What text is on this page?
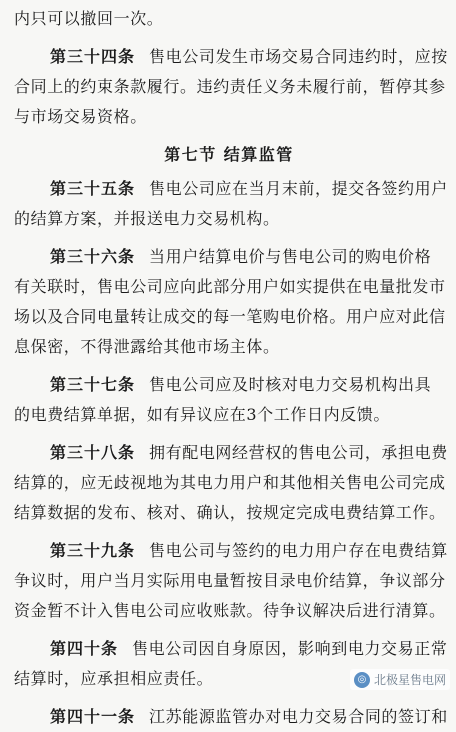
内只可以撤回一次。
第三十四条 售电公司发生市场交易合同违约时，应按
合同上的约束条款履行。违约责任义务未履行前，暂停其参
与市场交易资格。
第七节 结算监管
第三十五条 售电公司应在当月末前，提交各签约用户
的结算方案，并报送电力交易机构。
第三十六条 当用户结算电价与售电公司的购电价格
有关联时，售电公司应向此部分用户如实提供在电量批发市
场以及合同电量转让成交的每一笔购电价格。用户应对此信
息保密，不得泄露给其他市场主体。
第三十七条 售电公司应及时核对电力交易机构出具
的电费结算单据，如有异议应在3个工作日内反馈。
第三十八条 拥有配电网经营权的售电公司，承担电费
结算的，应无歧视地为其电力用户和其他相关售电公司完成
结算数据的发布、核对、确认，按规定完成电费结算工作。
第三十九条 售电公司与签约的电力用户存在电费结算
争议时，用户当月实际用电量暂按目录电价结算，争议部分
资金暂不计入售电公司应收账款。待争议解决后进行清算。
第四十条 售电公司因自身原因，影响到电力交易正常
结算时，应承担相应责任。
第四十一条 江苏能源监管办对电力交易合同的签订和
◎ 北极星售电网
